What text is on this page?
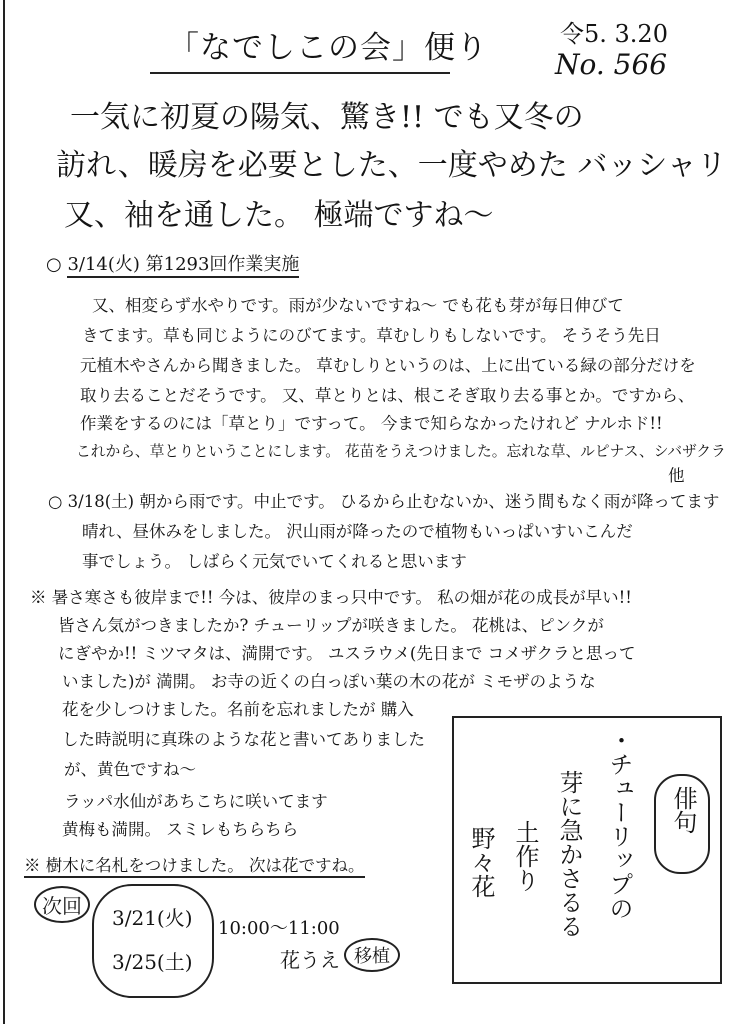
「なでしこの会」便り	令5. 3.20
No. 566
一気に初夏の陽気、驚き!! でも又冬の
訪れ、暖房を必要とした、一度やめた バッシャリ
又、袖を通した。 極端ですね〜
○ 3/14(火) 第1293回作業実施
又、相変らず水やりです。雨が少ないですね〜 でも花も芽が毎日伸びて
きてます。草も同じようにのびてます。草むしりもしないです。 そうそう先日
元植木やさんから聞きました。 草むしりというのは、上に出ている緑の部分だけを
取り去ることだそうです。 又、草とりとは、根こそぎ取り去る事とか。ですから、
作業をするのには「草とり」ですって。 今まで知らなかったけれど ナルホド!!
これから、草とりということにします。 花苗をうえつけました。忘れな草、ルピナス、シバザクラ
他
○ 3/18(土) 朝から雨です。中止です。 ひるから止むないか、迷う間もなく雨が降ってます
晴れ、昼休みをしました。 沢山雨が降ったので植物もいっぱいすいこんだ
事でしょう。 しばらく元気でいてくれると思います
※ 暑さ寒さも彼岸まで!! 今は、彼岸のまっ只中です。 私の畑が花の成長が早い!!
皆さん気がつきましたか? チューリップが咲きました。 花桃は、ピンクが
にぎやか!! ミツマタは、満開です。 ユスラウメ(先日まで コメザクラと思って
いました)が 満開。 お寺の近くの白っぽい葉の木の花が ミモザのような
花を少しつけました。名前を忘れましたが 購入
した時説明に真珠のような花と書いてありました
が、黄色ですね〜
ラッパ水仙があちこちに咲いてます
黄梅も満開。 スミレもちらちら
※ 樹木に名札をつけました。 次は花ですね。
次回	3/21(火)
3/25(土)
10:00〜11:00
花うえ 移植
俳句
・チューリップの
芽に急かさるる
土作り
野々花
